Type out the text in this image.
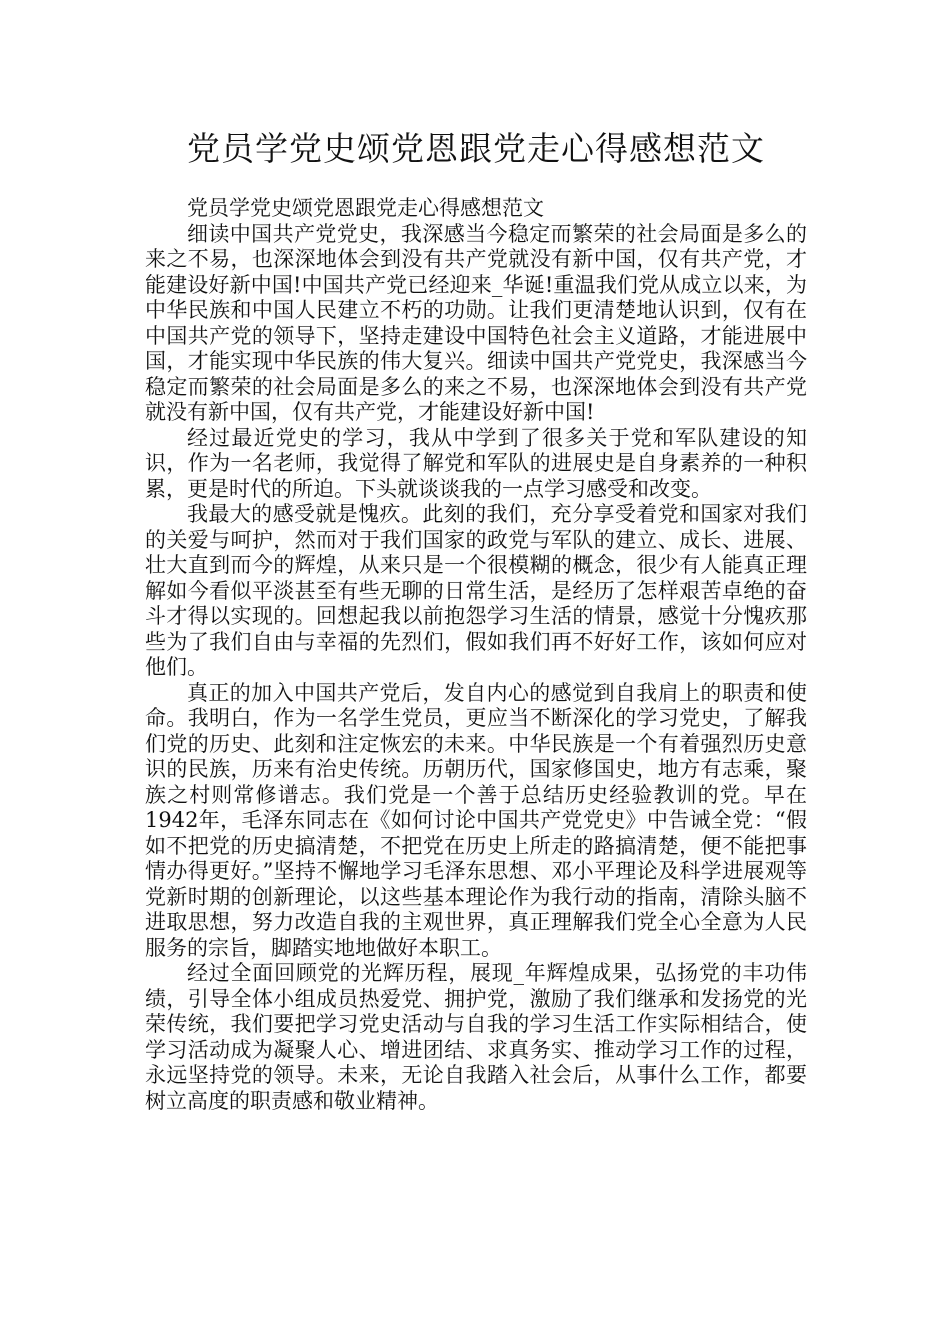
党员学党史颂党恩跟党走心得感想范文

党员学党史颂党恩跟党走心得感想范文

细读中国共产党党史，我深感当今稳定而繁荣的社会局面是多么的来之不易，也深深地体会到没有共产党就没有新中国，仅有共产党，才能建设好新中国!中国共产党已经迎来_华诞!重温我们党从成立以来，为中华民族和中国人民建立不朽的功勋。让我们更清楚地认识到，仅有在中国共产党的领导下，坚持走建设中国特色社会主义道路，才能进展中国，才能实现中华民族的伟大复兴。细读中国共产党党史，我深感当今稳定而繁荣的社会局面是多么的来之不易，也深深地体会到没有共产党就没有新中国，仅有共产党，才能建设好新中国!

经过最近党史的学习，我从中学到了很多关于党和军队建设的知识，作为一名老师，我觉得了解党和军队的进展史是自身素养的一种积累，更是时代的所迫。下头就谈谈我的一点学习感受和改变。

我最大的感受就是愧疚。此刻的我们，充分享受着党和国家对我们的关爱与呵护，然而对于我们国家的政党与军队的建立、成长、进展、壮大直到而今的辉煌，从来只是一个很模糊的概念，很少有人能真正理解如今看似平淡甚至有些无聊的日常生活，是经历了怎样艰苦卓绝的奋斗才得以实现的。回想起我以前抱怨学习生活的情景，感觉十分愧疚那些为了我们自由与幸福的先烈们，假如我们再不好好工作，该如何应对他们。

真正的加入中国共产党后，发自内心的感觉到自我肩上的职责和使命。我明白，作为一名学生党员，更应当不断深化的学习党史，了解我们党的历史、此刻和注定恢宏的未来。中华民族是一个有着强烈历史意识的民族，历来有治史传统。历朝历代，国家修国史，地方有志乘，聚族之村则常修谱志。我们党是一个善于总结历史经验教训的党。早在1942年，毛泽东同志在《如何讨论中国共产党党史》中告诫全党：“假如不把党的历史搞清楚，不把党在历史上所走的路搞清楚，便不能把事情办得更好。”坚持不懈地学习毛泽东思想、邓小平理论及科学进展观等党新时期的创新理论，以这些基本理论作为我行动的指南，清除头脑不进取思想，努力改造自我的主观世界，真正理解我们党全心全意为人民服务的宗旨，脚踏实地地做好本职工。

经过全面回顾党的光辉历程，展现_年辉煌成果，弘扬党的丰功伟绩，引导全体小组成员热爱党、拥护党，激励了我们继承和发扬党的光荣传统，我们要把学习党史活动与自我的学习生活工作实际相结合，使学习活动成为凝聚人心、增进团结、求真务实、推动学习工作的过程，永远坚持党的领导。未来，无论自我踏入社会后，从事什么工作，都要树立高度的职责感和敬业精神。
